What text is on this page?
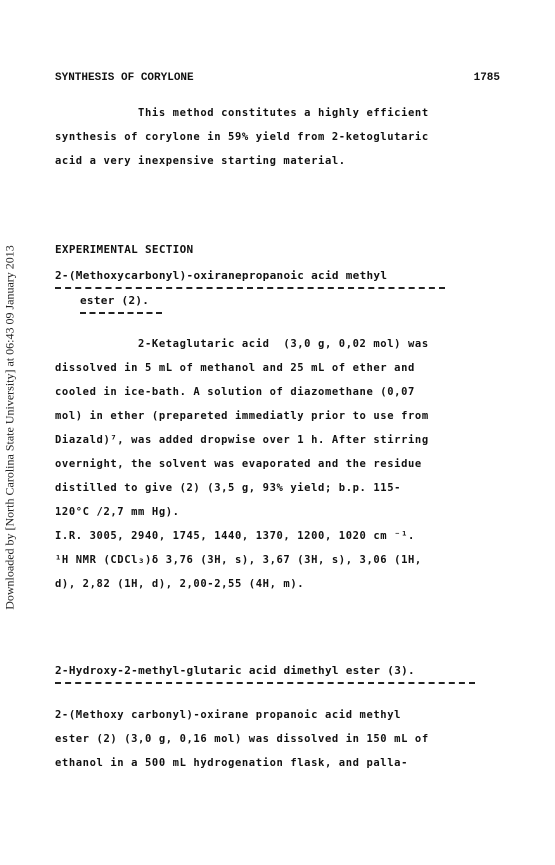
Downloaded by [North Carolina State University] at 06:43 09 January 2013
SYNTHESIS OF CORYLONE	1785
This method constitutes a highly efficient
synthesis of corylone in 59% yield from 2-ketoglutaric
acid a very inexpensive starting material.
EXPERIMENTAL SECTION
2-(Methoxycarbonyl)-oxiranepropanoic acid methyl
ester (2).
2-Ketaglutaric acid  (3,0 g, 0,02 mol) was
dissolved in 5 mL of methanol and 25 mL of ether and
cooled in ice-bath. A solution of diazomethane (0,07
mol) in ether (prepareted immediatly prior to use from
Diazald)⁷, was added dropwise over 1 h. After stirring
overnight, the solvent was evaporated and the residue
distilled to give (2) (3,5 g, 93% yield; b.p. 115-
120°C /2,7 mm Hg).
I.R. 3005, 2940, 1745, 1440, 1370, 1200, 1020 cm ⁻¹.
¹H NMR (CDCl₃)δ 3,76 (3H, s), 3,67 (3H, s), 3,06 (1H,
d), 2,82 (1H, d), 2,00-2,55 (4H, m).
2-Hydroxy-2-methyl-glutaric acid dimethyl ester (3).
2-(Methoxy carbonyl)-oxirane propanoic acid methyl
ester (2) (3,0 g, 0,16 mol) was dissolved in 150 mL of
ethanol in a 500 mL hydrogenation flask, and palla-
